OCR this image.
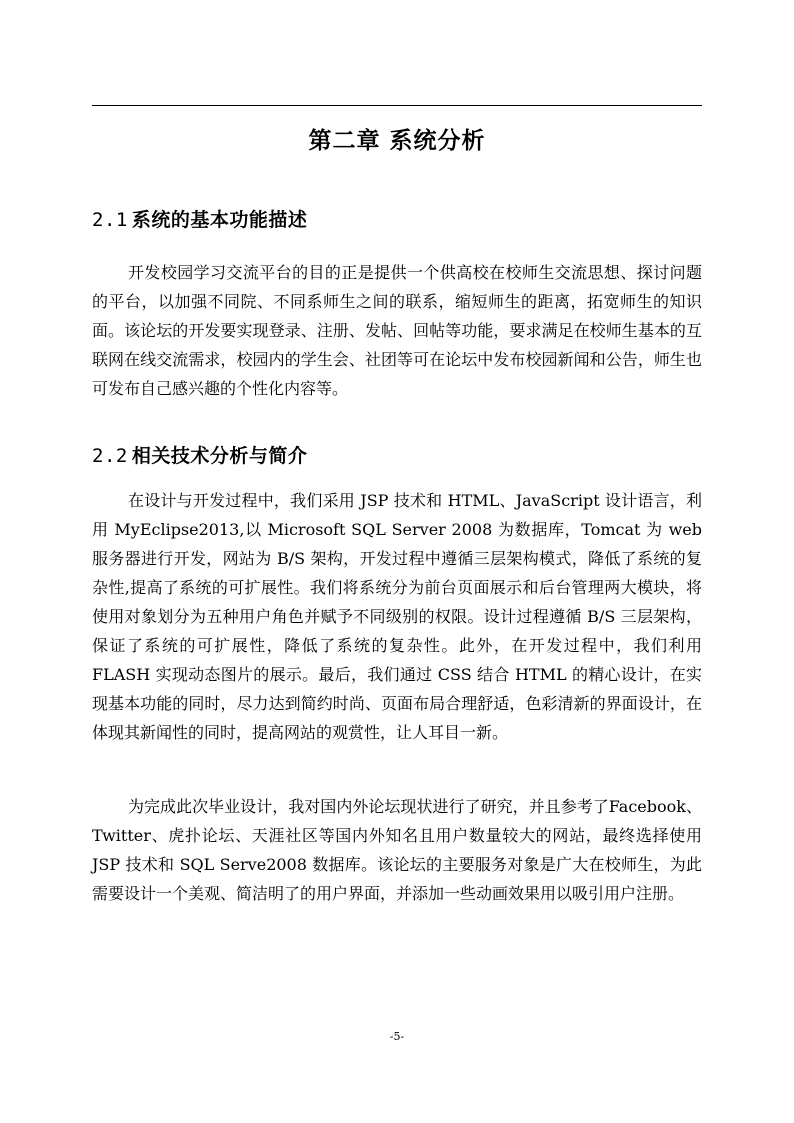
第二章 系统分析
2.1 系统的基本功能描述

开发校园学习交流平台的目的正是提供一个供高校在校师生交流思想、探讨问题的平台，以加强不同院、不同系师生之间的联系，缩短师生的距离，拓宽师生的知识面。该论坛的开发要实现登录、注册、发帖、回帖等功能，要求满足在校师生基本的互联网在线交流需求，校园内的学生会、社团等可在论坛中发布校园新闻和公告，师生也可发布自己感兴趣的个性化内容等。

2.2 相关技术分析与简介

在设计与开发过程中，我们采用 JSP 技术和 HTML、JavaScript 设计语言，利用 MyEclipse2013,以 Microsoft SQL Server 2008 为数据库，Tomcat 为 web 服务器进行开发，网站为 B/S 架构，开发过程中遵循三层架构模式，降低了系统的复杂性,提高了系统的可扩展性。我们将系统分为前台页面展示和后台管理两大模块，将使用对象划分为五种用户角色并赋予不同级别的权限。设计过程遵循 B/S 三层架构，保证了系统的可扩展性，降低了系统的复杂性。此外，在开发过程中，我们利用 FLASH 实现动态图片的展示。最后，我们通过 CSS 结合 HTML 的精心设计，在实现基本功能的同时，尽力达到简约时尚、页面布局合理舒适，色彩清新的界面设计，在体现其新闻性的同时，提高网站的观赏性，让人耳目一新。

为完成此次毕业设计，我对国内外论坛现状进行了研究，并且参考了Facebook、Twitter、虎扑论坛、天涯社区等国内外知名且用户数量较大的网站，最终选择使用 JSP 技术和 SQL Serve2008 数据库。该论坛的主要服务对象是广大在校师生，为此需要设计一个美观、简洁明了的用户界面，并添加一些动画效果用以吸引用户注册。

-5-
